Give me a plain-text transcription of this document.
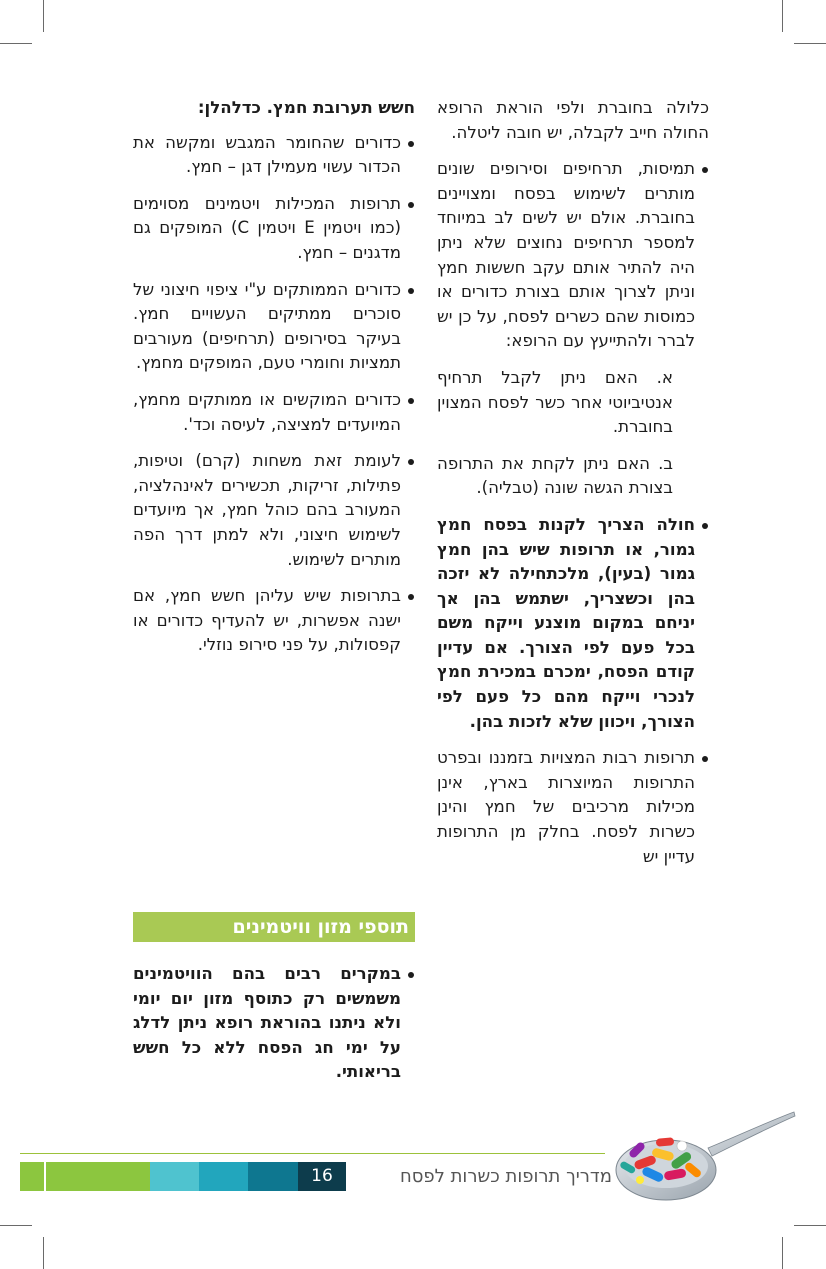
כלולה בחוברת ולפי הוראת הרופא החולה חייב לקבלה, יש חובה ליטלה.

תמיסות, תרחיפים וסירופים שונים מותרים לשימוש בפסח ומצויינים בחוברת. אולם יש לשים לב במיוחד למספר תרחיפים נחוצים שלא ניתן היה להתיר אותם עקב חששות חמץ וניתן לצרוך אותם בצורת כדורים או כמוסות שהם כשרים לפסח, על כן יש לברר ולהתייעץ עם הרופא:

א. האם ניתן לקבל תרחיף אנטיביוטי אחר כשר לפסח המצוין בחוברת.

ב. האם ניתן לקחת את התרופה בצורת הגשה שונה (טבליה).

חולה הצריך לקנות בפסח חמץ גמור, או תרופות שיש בהן חמץ גמור (בעין), מלכתחילה לא יזכה בהן וכשצריך, ישתמש בהן אך יניחם במקום מוצנע וייקח משם בכל פעם לפי הצורך. אם עדיין קודם הפסח, ימכרם במכירת חמץ לנכרי וייקח מהם כל פעם לפי הצורך, ויכוון שלא לזכות בהן.

תרופות רבות המצויות בזמננו ובפרט התרופות המיוצרות בארץ, אינן מכילות מרכיבים של חמץ והינן כשרות לפסח. בחלק מן התרופות עדיין יש

חשש תערובת חמץ. כדלהלן:

כדורים שהחומר המגבש ומקשה את הכדור עשוי מעמילן דגן – חמץ.

תרופות המכילות ויטמינים מסוימים (כמו ויטמין E ויטמין C) המופקים גם מדגנים – חמץ.

כדורים הממותקים ע"י ציפוי חיצוני של סוכרים ממתיקים העשויים חמץ. בעיקר בסירופים (תרחיפים) מעורבים תמציות וחומרי טעם, המופקים מחמץ.

כדורים המוקשים או ממותקים מחמץ, המיועדים למציצה, לעיסה וכד'.

לעומת זאת משחות (קרם) וטיפות, פתילות, זריקות, תכשירים לאינהלציה, המעורב בהם כוהל חמץ, אך מיועדים לשימוש חיצוני, ולא למתן דרך הפה מותרים לשימוש.

בתרופות שיש עליהן חשש חמץ, אם ישנה אפשרות, יש להעדיף כדורים או קפסולות, על פני סירופ נוזלי.

תוספי מזון וויטמינים

במקרים רבים בהם הוויטמינים משמשים רק כתוסף מזון יום יומי ולא ניתנו בהוראת רופא ניתן לדלג על ימי חג הפסח ללא כל חשש בריאותי.

16	מדריך תרופות כשרות לפסח
